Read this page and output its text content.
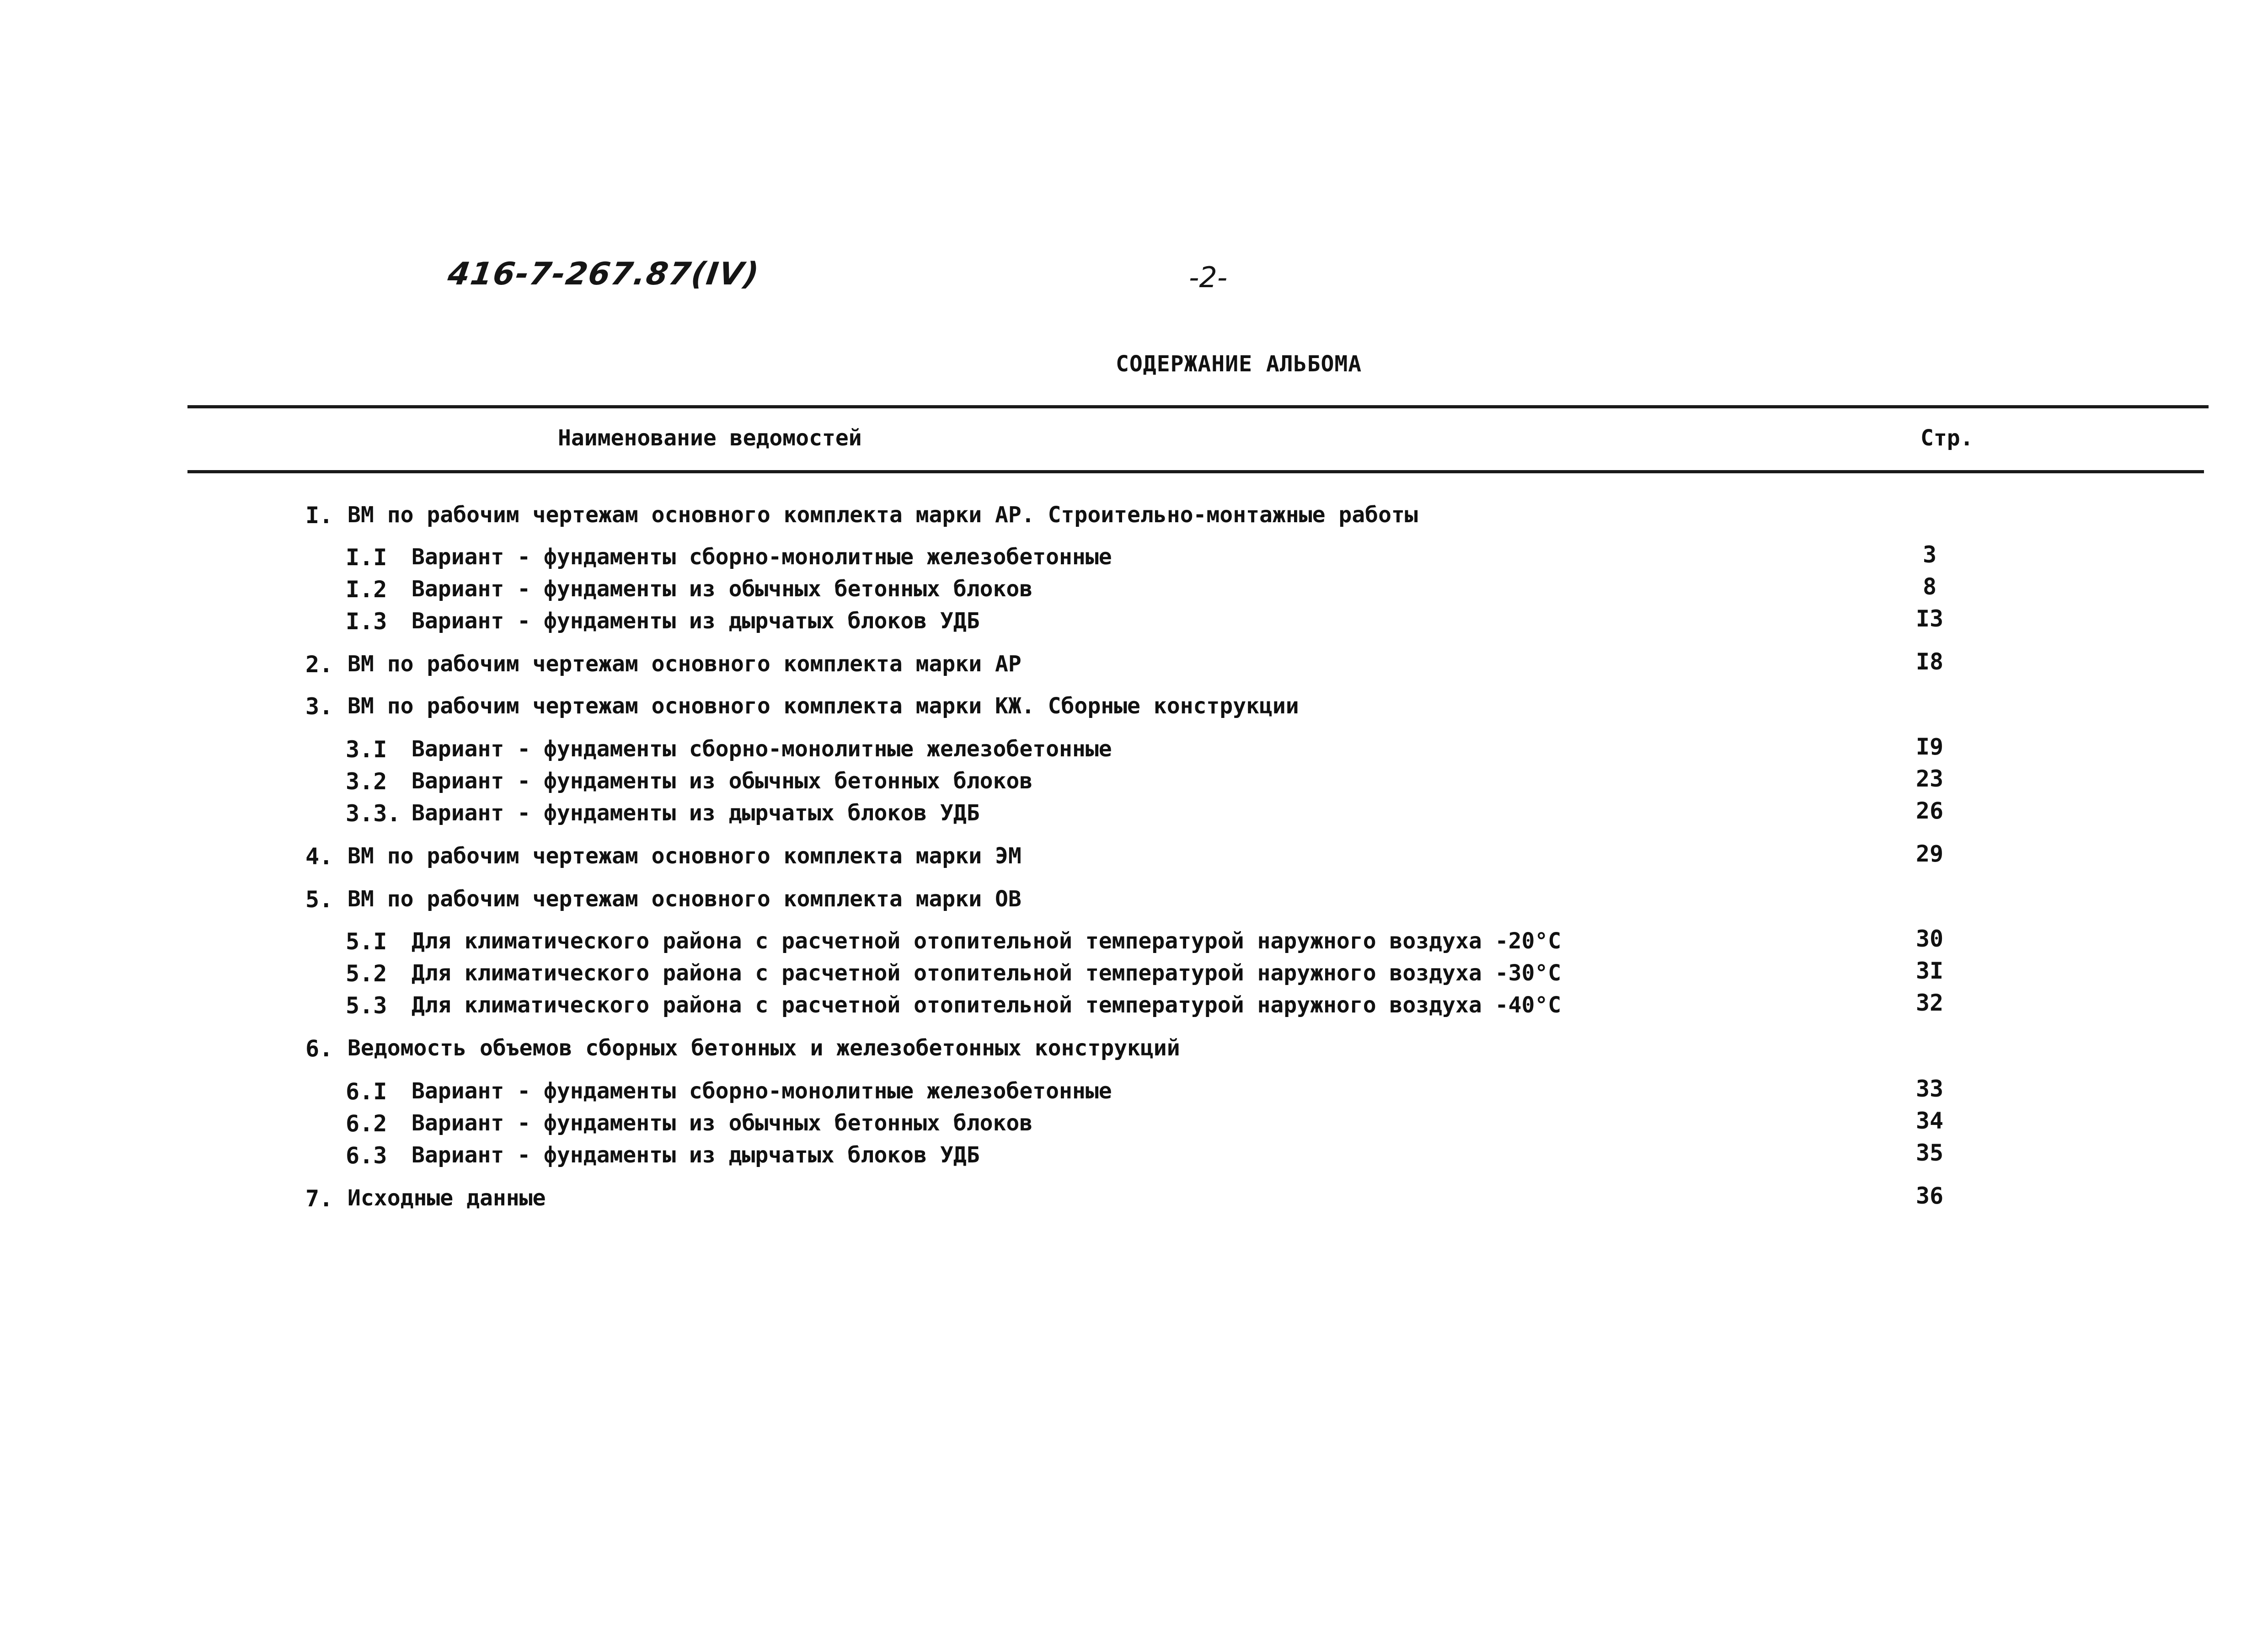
416-7-267.87(IV)	-2-
СОДЕРЖАНИЕ АЛЬБОМА
Наименование ведомостей	Стр.
I. ВМ по рабочим чертежам основного комплекта марки АР. Строительно-монтажные работы
I.I Вариант - фундаменты сборно-монолитные железобетонные	3
I.2 Вариант - фундаменты из обычных бетонных блоков	8
I.3 Вариант - фундаменты из дырчатых блоков УДБ	I3
2. ВМ по рабочим чертежам основного комплекта марки АР	I8
3. ВМ по рабочим чертежам основного комплекта марки КЖ. Сборные конструкции
3.I Вариант - фундаменты сборно-монолитные железобетонные	I9
3.2 Вариант - фундаменты из обычных бетонных блоков	23
3.3. Вариант - фундаменты из дырчатых блоков УДБ	26
4. ВМ по рабочим чертежам основного комплекта марки ЭМ	29
5. ВМ по рабочим чертежам основного комплекта марки ОВ
5.I Для климатического района с расчетной отопительной температурой наружного воздуха -20°С	30
5.2 Для климатического района с расчетной отопительной температурой наружного воздуха -30°С	3I
5.3 Для климатического района с расчетной отопительной температурой наружного воздуха -40°С	32
6. Ведомость объемов сборных бетонных и железобетонных конструкций
6.I Вариант - фундаменты сборно-монолитные железобетонные	33
6.2 Вариант - фундаменты из обычных бетонных блоков	34
6.3 Вариант - фундаменты из дырчатых блоков УДБ	35
7. Исходные данные	36
